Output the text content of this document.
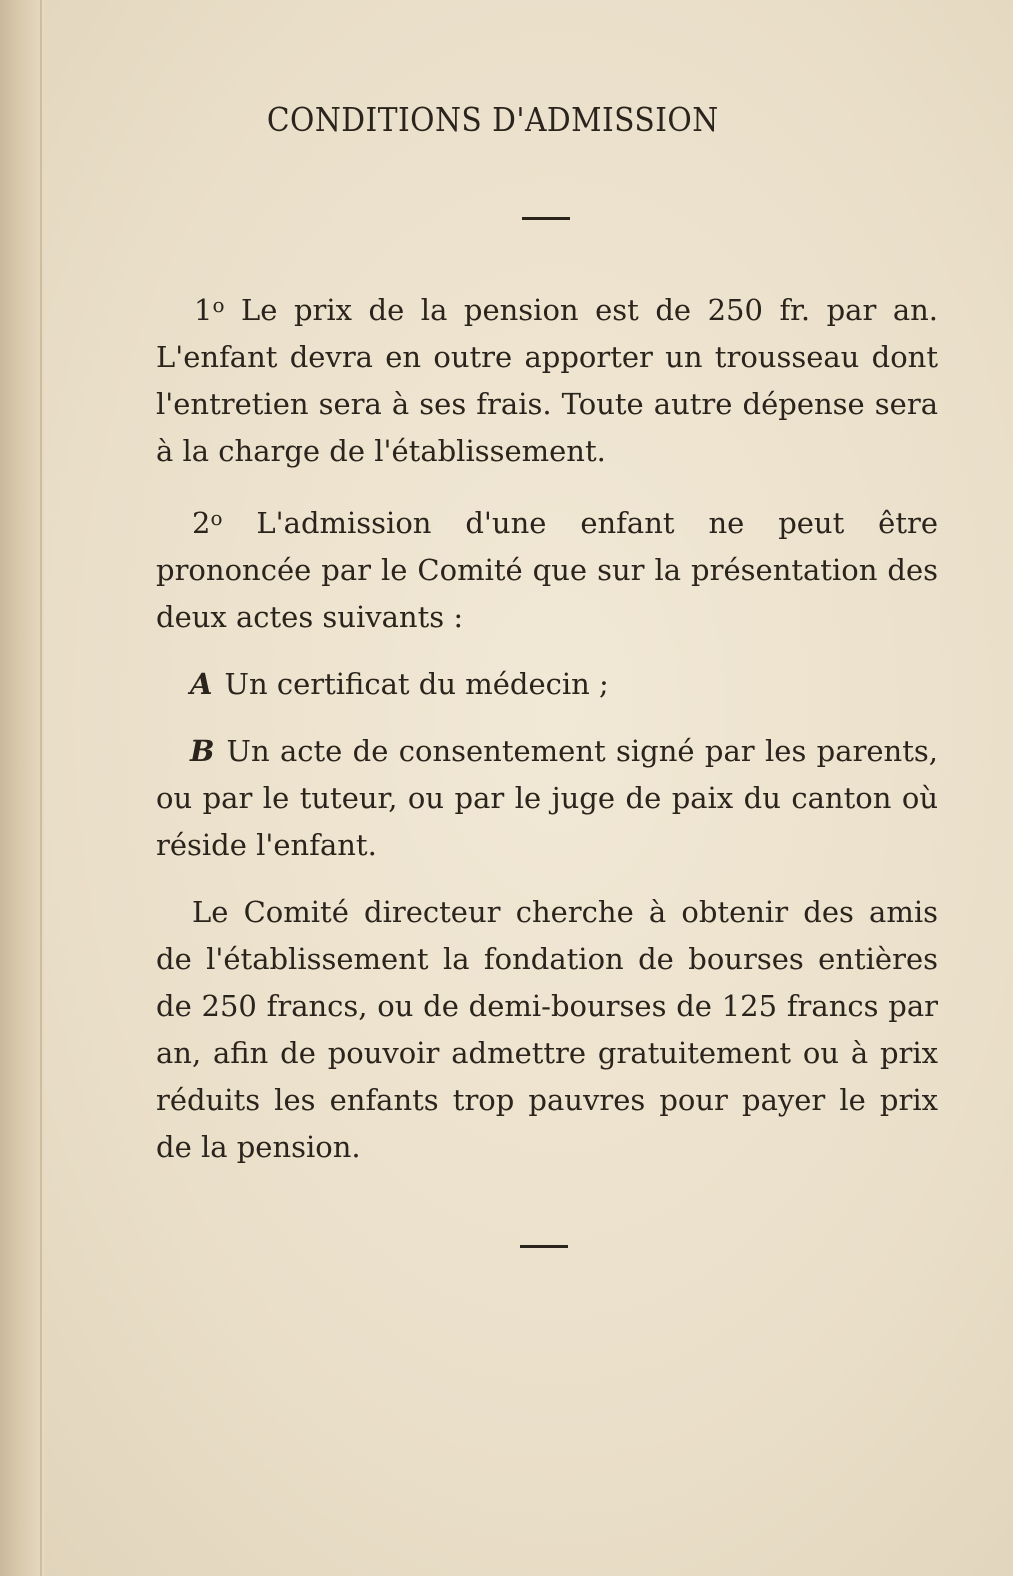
CONDITIONS D'ADMISSION

1$^o$ Le prix de la pension est de 250 fr. par an. L'enfant devra en outre apporter un trousseau dont l'entretien sera à ses frais. Toute autre dépense sera à la charge de l'établissement.

2$^o$ L'admission d'une enfant ne peut être prononcée par le Comité que sur la présentation des deux actes suivants :

A Un certificat du médecin ;

B Un acte de consentement signé par les parents, ou par le tuteur, ou par le juge de paix du canton où réside l'enfant.

Le Comité directeur cherche à obtenir des amis de l'établissement la fondation de bourses entières de 250 francs, ou de demi-bourses de 125 francs par an, afin de pouvoir admettre gratuitement ou à prix réduits les enfants trop pauvres pour payer le prix de la pension.
